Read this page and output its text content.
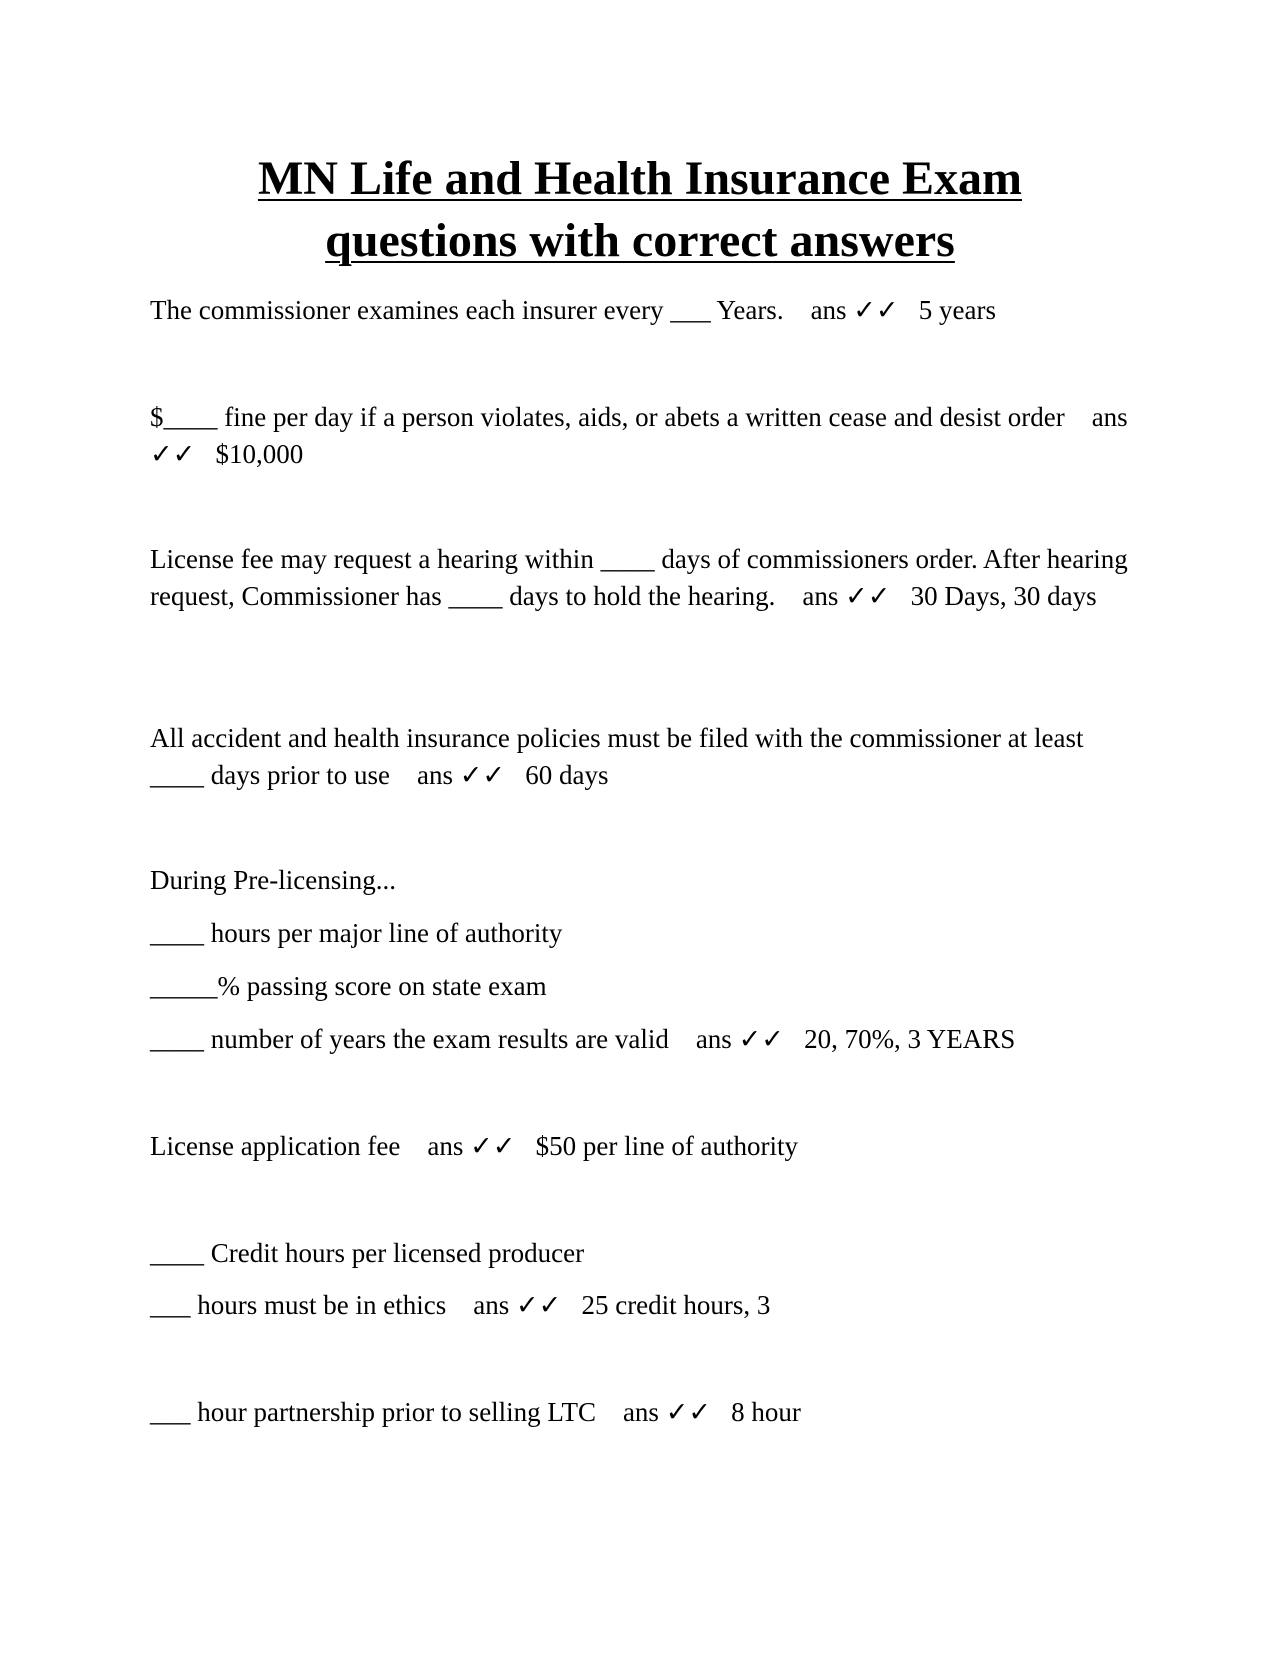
MN Life and Health Insurance Exam
questions with correct answers

The commissioner examines each insurer every ___ Years.    ans ✓✓   5 years

$____ fine per day if a person violates, aids, or abets a written cease and desist order    ans ✓✓   $10,000

License fee may request a hearing within ____ days of commissioners order. After hearing request, Commissioner has ____ days to hold the hearing.    ans ✓✓   30 Days, 30 days

All accident and health insurance policies must be filed with the commissioner at least ____ days prior to use    ans ✓✓   60 days

During Pre-licensing...

____ hours per major line of authority

_____% passing score on state exam

____ number of years the exam results are valid    ans ✓✓   20, 70%, 3 YEARS

License application fee    ans ✓✓   $50 per line of authority

____ Credit hours per licensed producer

___ hours must be in ethics    ans ✓✓   25 credit hours, 3

___ hour partnership prior to selling LTC    ans ✓✓   8 hour
